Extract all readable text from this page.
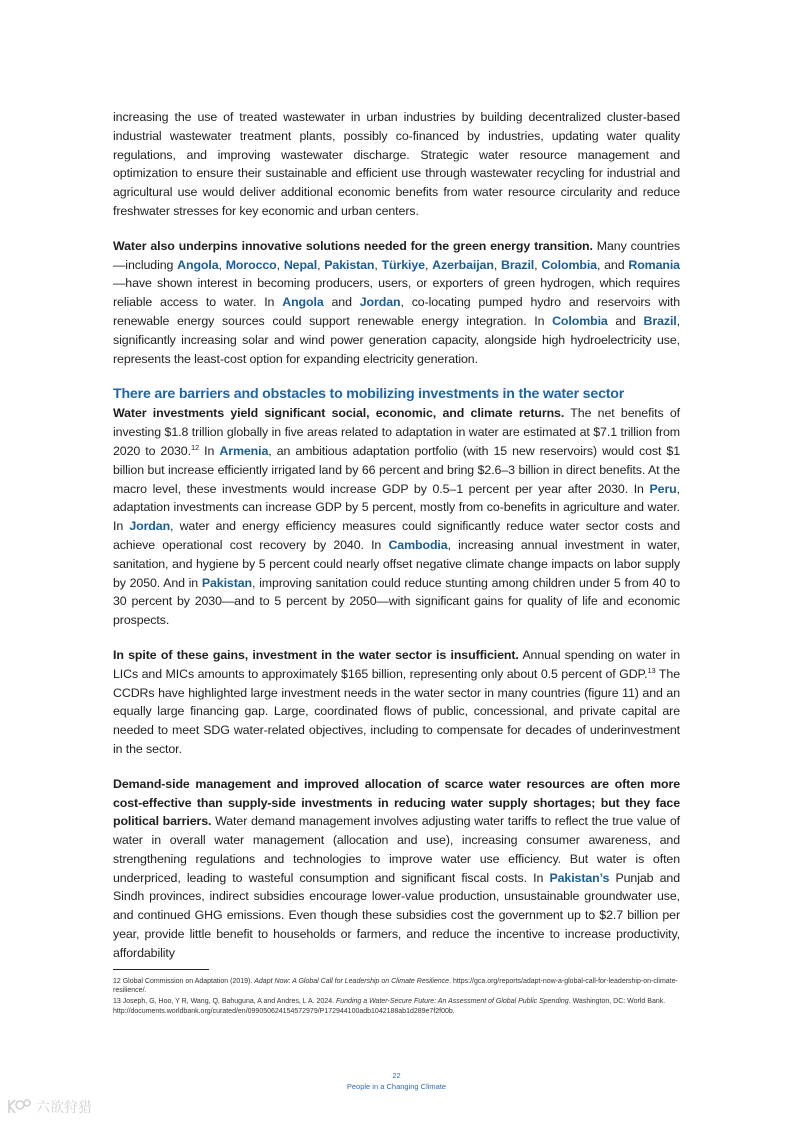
increasing the use of treated wastewater in urban industries by building decentralized cluster-based industrial wastewater treatment plants, possibly co-financed by industries, updating water quality regulations, and improving wastewater discharge. Strategic water resource management and optimization to ensure their sustainable and efficient use through wastewater recycling for industrial and agricultural use would deliver additional economic benefits from water resource circularity and reduce freshwater stresses for key economic and urban centers.

Water also underpins innovative solutions needed for the green energy transition. Many countries—including Angola, Morocco, Nepal, Pakistan, Türkiye, Azerbaijan, Brazil, Colombia, and Romania—have shown interest in becoming producers, users, or exporters of green hydrogen, which requires reliable access to water. In Angola and Jordan, co-locating pumped hydro and reservoirs with renewable energy sources could support renewable energy integration. In Colombia and Brazil, significantly increasing solar and wind power generation capacity, alongside high hydroelectricity use, represents the least-cost option for expanding electricity generation.

There are barriers and obstacles to mobilizing investments in the water sector

Water investments yield significant social, economic, and climate returns. The net benefits of investing $1.8 trillion globally in five areas related to adaptation in water are estimated at $7.1 trillion from 2020 to 2030.12 In Armenia, an ambitious adaptation portfolio (with 15 new reservoirs) would cost $1 billion but increase efficiently irrigated land by 66 percent and bring $2.6–3 billion in direct benefits. At the macro level, these investments would increase GDP by 0.5–1 percent per year after 2030. In Peru, adaptation investments can increase GDP by 5 percent, mostly from co-benefits in agriculture and water. In Jordan, water and energy efficiency measures could significantly reduce water sector costs and achieve operational cost recovery by 2040. In Cambodia, increasing annual investment in water, sanitation, and hygiene by 5 percent could nearly offset negative climate change impacts on labor supply by 2050. And in Pakistan, improving sanitation could reduce stunting among children under 5 from 40 to 30 percent by 2030—and to 5 percent by 2050—with significant gains for quality of life and economic prospects.

In spite of these gains, investment in the water sector is insufficient. Annual spending on water in LICs and MICs amounts to approximately $165 billion, representing only about 0.5 percent of GDP.$^{13}$ The CCDRs have highlighted large investment needs in the water sector in many countries (figure 11) and an equally large financing gap. Large, coordinated flows of public, concessional, and private capital are needed to meet SDG water-related objectives, including to compensate for decades of underinvestment in the sector.

Demand-side management and improved allocation of scarce water resources are often more cost-effective than supply-side investments in reducing water supply shortages; but they face political barriers. Water demand management involves adjusting water tariffs to reflect the true value of water in overall water management (allocation and use), increasing consumer awareness, and strengthening regulations and technologies to improve water use efficiency. But water is often underpriced, leading to wasteful consumption and significant fiscal costs. In Pakistan’s Punjab and Sindh provinces, indirect subsidies encourage lower-value production, unsustainable groundwater use, and continued GHG emissions. Even though these subsidies cost the government up to $2.7 billion per year, provide little benefit to households or farmers, and reduce the incentive to increase productivity, affordability

12 Global Commission on Adaptation (2019). Adapt Now: A Global Call for Leadership on Climate Resilience. https://gca.org/reports/adapt-now-a-global-call-for-leadership-on-climate-resilience/.
13 Joseph, G, Hoo, Y R, Wang, Q, Bahuguna, A and Andres, L A. 2024. Funding a Water-Secure Future: An Assessment of Global Public Spending. Washington, DC: World Bank. http://documents.worldbank.org/curated/en/099050624154572979/P172944100adb1042188ab1d289e7f2f00b.
22
People in a Changing Climate
六欲狩猎
